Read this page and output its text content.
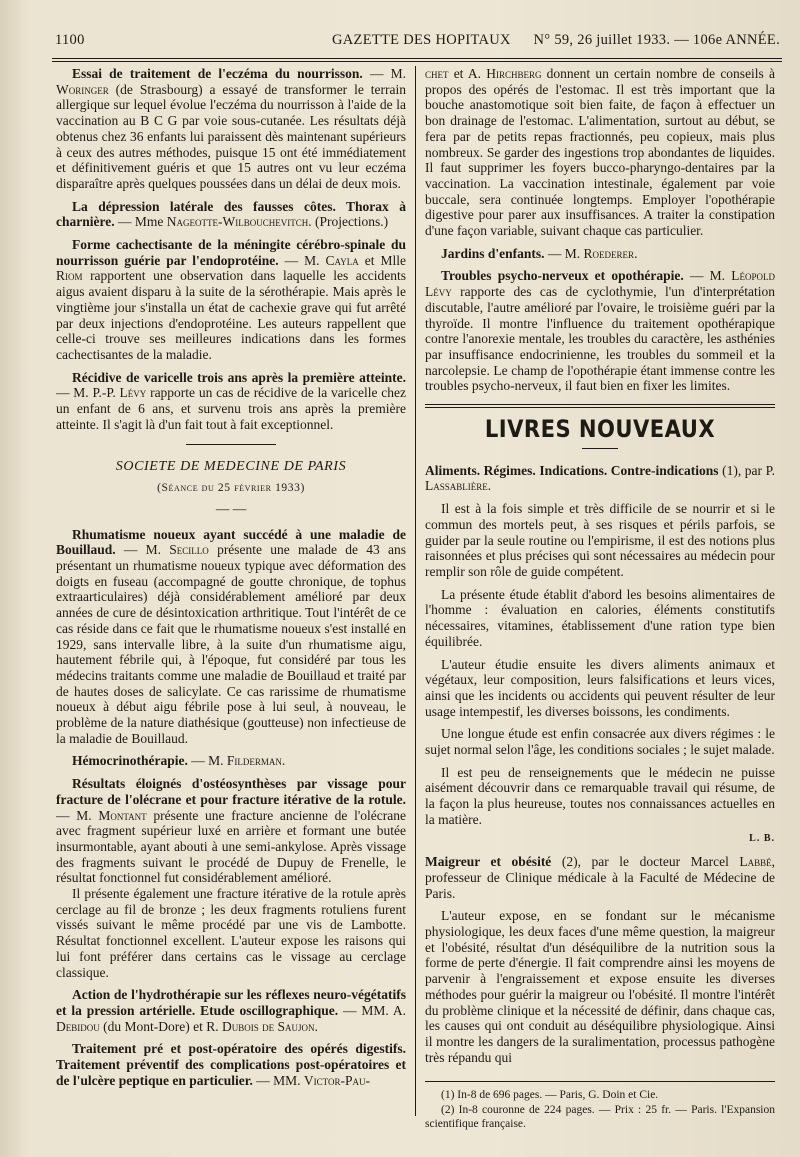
1100	GAZETTE DES HOPITAUX N° 59, 26 juillet 1933. — 106e ANNÉE.

Essai de traitement de l'eczéma du nourrisson. — M. Woringer (de Strasbourg) a essayé de transformer le terrain allergique sur lequel évolue l'eczéma du nourrisson à l'aide de la vaccination au B C G par voie sous-cutanée. Les résultats déjà obtenus chez 36 enfants lui paraissent dès maintenant supérieurs à ceux des autres méthodes, puisque 15 ont été immédiatement et définitivement guéris et que 15 autres ont vu leur eczéma disparaître après quelques poussées dans un délai de deux mois.

La dépression latérale des fausses côtes. Thorax à charnière. — Mme Nageotte-Wilbouchevitch. (Projections.)

Forme cachectisante de la méningite cérébro-spinale du nourrisson guérie par l'endoprotéine. — M. Cayla et Mlle Riom rapportent une observation dans laquelle les accidents aigus avaient disparu à la suite de la sérothérapie. Mais après le vingtième jour s'installa un état de cachexie grave qui fut arrêté par deux injections d'endoprotéine. Les auteurs rappellent que celle-ci trouve ses meilleures indications dans les formes cachectisantes de la maladie.

Récidive de varicelle trois ans après la première atteinte. — M. P.-P. Lévy rapporte un cas de récidive de la varicelle chez un enfant de 6 ans, et survenu trois ans après la première atteinte. Il s'agit là d'un fait tout à fait exceptionnel.

SOCIETE DE MEDECINE DE PARIS
(Séance du 25 février 1933)
— —

Rhumatisme noueux ayant succédé à une maladie de Bouillaud. — M. Secillo présente une malade de 43 ans présentant un rhumatisme noueux typique avec déformation des doigts en fuseau (accompagné de goutte chronique, de tophus extraarticulaires) déjà considérablement amélioré par deux années de cure de désintoxication arthritique. Tout l'intérêt de ce cas réside dans ce fait que le rhumatisme noueux s'est installé en 1929, sans intervalle libre, à la suite d'un rhumatisme aigu, hautement fébrile qui, à l'époque, fut considéré par tous les médecins traitants comme une maladie de Bouillaud et traité par de hautes doses de salicylate. Ce cas rarissime de rhumatisme noueux à début aigu fébrile pose à lui seul, à nouveau, le problème de la nature diathésique (goutteuse) non infectieuse de la maladie de Bouillaud.

Hémocrinothérapie. — M. Filderman.

Résultats éloignés d'ostéosynthèses par vissage pour fracture de l'olécrane et pour fracture itérative de la rotule. — M. Montant présente une fracture ancienne de l'olécrane avec fragment supérieur luxé en arrière et formant une butée insurmontable, ayant abouti à une semi-ankylose. Après vissage des fragments suivant le procédé de Dupuy de Frenelle, le résultat fonctionnel fut considérablement amélioré.

Il présente également une fracture itérative de la rotule après cerclage au fil de bronze ; les deux fragments rotuliens furent vissés suivant le même procédé par une vis de Lambotte. Résultat fonctionnel excellent. L'auteur expose les raisons qui lui font préférer dans certains cas le vissage au cerclage classique.

Action de l'hydrothérapie sur les réflexes neuro-végétatifs et la pression artérielle. Etude oscillographique. — MM. A. Debidou (du Mont-Dore) et R. Dubois de Saujon.

Traitement pré et post-opératoire des opérés digestifs. Traitement préventif des complications post-opératoires et de l'ulcère peptique en particulier. — MM. Victor-Pau-

chet et A. Hirchberg donnent un certain nombre de conseils à propos des opérés de l'estomac. Il est très important que la bouche anastomotique soit bien faite, de façon à effectuer un bon drainage de l'estomac. L'alimentation, surtout au début, se fera par de petits repas fractionnés, peu copieux, mais plus nombreux. Se garder des ingestions trop abondantes de liquides. Il faut supprimer les foyers bucco-pharyngo-dentaires par la vaccination. La vaccination intestinale, également par voie buccale, sera continuée longtemps. Employer l'opothérapie digestive pour parer aux insuffisances. A traiter la constipation d'une façon variable, suivant chaque cas particulier.

Jardins d'enfants. — M. Roederer.

Troubles psycho-nerveux et opothérapie. — M. Léopold Lévy rapporte des cas de cyclothymie, l'un d'interprétation discutable, l'autre amélioré par l'ovaire, le troisième guéri par la thyroïde. Il montre l'influence du traitement opothérapique contre l'anorexie mentale, les troubles du caractère, les asthénies par insuffisance endocrinienne, les troubles du sommeil et la narcolepsie. Le champ de l'opothérapie étant immense contre les troubles psycho-nerveux, il faut bien en fixer les limites.

LIVRES NOUVEAUX

Aliments. Régimes. Indications. Contre-indications (1), par P. Lassablière.

Il est à la fois simple et très difficile de se nourrir et si le commun des mortels peut, à ses risques et périls parfois, se guider par la seule routine ou l'empirisme, il est des notions plus raisonnées et plus précises qui sont nécessaires au médecin pour remplir son rôle de guide compétent.

La présente étude établit d'abord les besoins alimentaires de l'homme : évaluation en calories, éléments constitutifs nécessaires, vitamines, établissement d'une ration type bien équilibrée.

L'auteur étudie ensuite les divers aliments animaux et végétaux, leur composition, leurs falsifications et leurs vices, ainsi que les incidents ou accidents qui peuvent résulter de leur usage intempestif, les diverses boissons, les condiments.

Une longue étude est enfin consacrée aux divers régimes : le sujet normal selon l'âge, les conditions sociales ; le sujet malade.

Il est peu de renseignements que le médecin ne puisse aisément découvrir dans ce remarquable travail qui résume, de la façon la plus heureuse, toutes nos connaissances actuelles en la matière.

L. B.

Maigreur et obésité (2), par le docteur Marcel Labbé, professeur de Clinique médicale à la Faculté de Médecine de Paris.

L'auteur expose, en se fondant sur le mécanisme physiologique, les deux faces d'une même question, la maigreur et l'obésité, résultat d'un déséquilibre de la nutrition sous la forme de perte d'énergie. Il fait comprendre ainsi les moyens de parvenir à l'engraissement et expose ensuite les diverses méthodes pour guérir la maigreur ou l'obésité. Il montre l'intérêt du problème clinique et la nécessité de définir, dans chaque cas, les causes qui ont conduit au déséquilibre physiologique. Ainsi il montre les dangers de la suralimentation, processus pathogène très répandu qui

(1) In-8 de 696 pages. — Paris, G. Doin et Cie.
(2) In-8 couronne de 224 pages. — Prix : 25 fr. — Paris. l'Expansion scientifique française.
